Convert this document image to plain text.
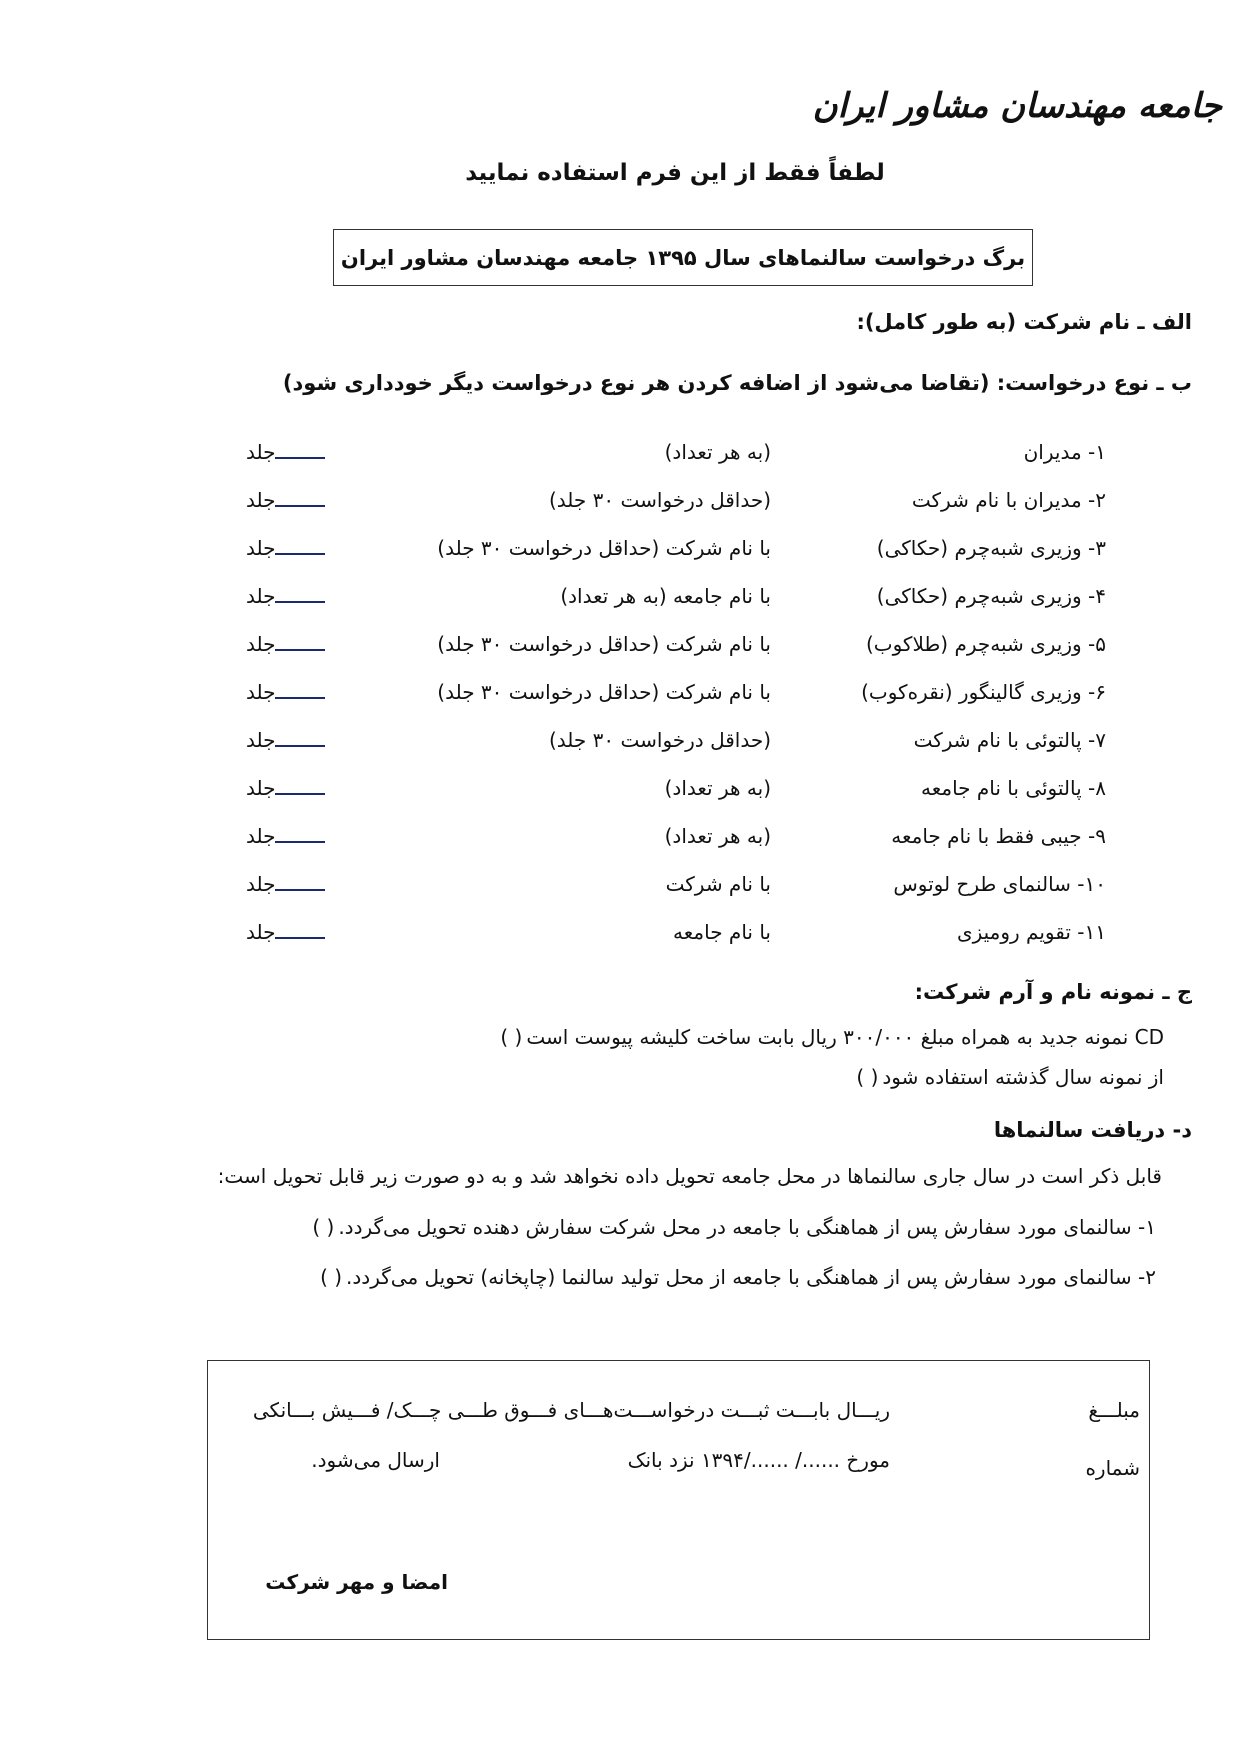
جامعه مهندسان مشاور ایران
لطفاً فقط از این فرم استفاده نمایید
برگ درخواست سالنماهای سال ۱۳۹۵ جامعه مهندسان مشاور ایران
الف ـ نام شرکت (به طور کامل):
ب ـ نوع درخواست: (تقاضا می‌شود از اضافه کردن هر نوع درخواست دیگر خودداری شود)
۱- مدیران
(به هر تعداد)
جلد
۲- مدیران با نام شرکت
(حداقل درخواست ۳۰ جلد)
جلد
۳- وزیری شبه‌چرم (حکاکی)
با نام شرکت (حداقل درخواست ۳۰ جلد)
جلد
۴- وزیری شبه‌چرم (حکاکی)
با نام جامعه (به هر تعداد)
جلد
۵- وزیری شبه‌چرم (طلاکوب)
با نام شرکت (حداقل درخواست ۳۰ جلد)
جلد
۶- وزیری گالینگور (نقره‌کوب)
با نام شرکت (حداقل درخواست ۳۰ جلد)
جلد
۷- پالتوئی با نام شرکت
(حداقل درخواست ۳۰ جلد)
جلد
۸- پالتوئی با نام جامعه
(به هر تعداد)
جلد
۹- جیبی فقط با نام جامعه
(به هر تعداد)
جلد
۱۰- سالنمای طرح لوتوس
با نام شرکت
جلد
۱۱- تقویم رومیزی
با نام جامعه
جلد
ج ـ نمونه نام و آرم شرکت:
CD نمونه جدید به همراه مبلغ ۳۰۰/۰۰۰ ریال بابت ساخت کلیشه پیوست است( )
از نمونه سال گذشته استفاده شود( )
د- دریافت سالنماها
قابل ذکر است در سال جاری سالنماها در محل جامعه تحویل داده نخواهد شد و به دو صورت زیر قابل تحویل است:
۱- سالنمای مورد سفارش پس از هماهنگی با جامعه در محل شرکت سفارش دهنده تحویل می‌گردد.( )
۲- سالنمای مورد سفارش پس از هماهنگی با جامعه از محل تولید سالنما (چاپخانه) تحویل می‌گردد.( )
مبلـــغ
ریـــال بابـــت ثبـــت درخواســـت‌هـــای فـــوق طـــی چـــک/ فـــیش بـــانکی
شماره
مورخ ....../ ....../۱۳۹۴ نزد بانک
ارسال می‌شود.
امضا و مهر شرکت
